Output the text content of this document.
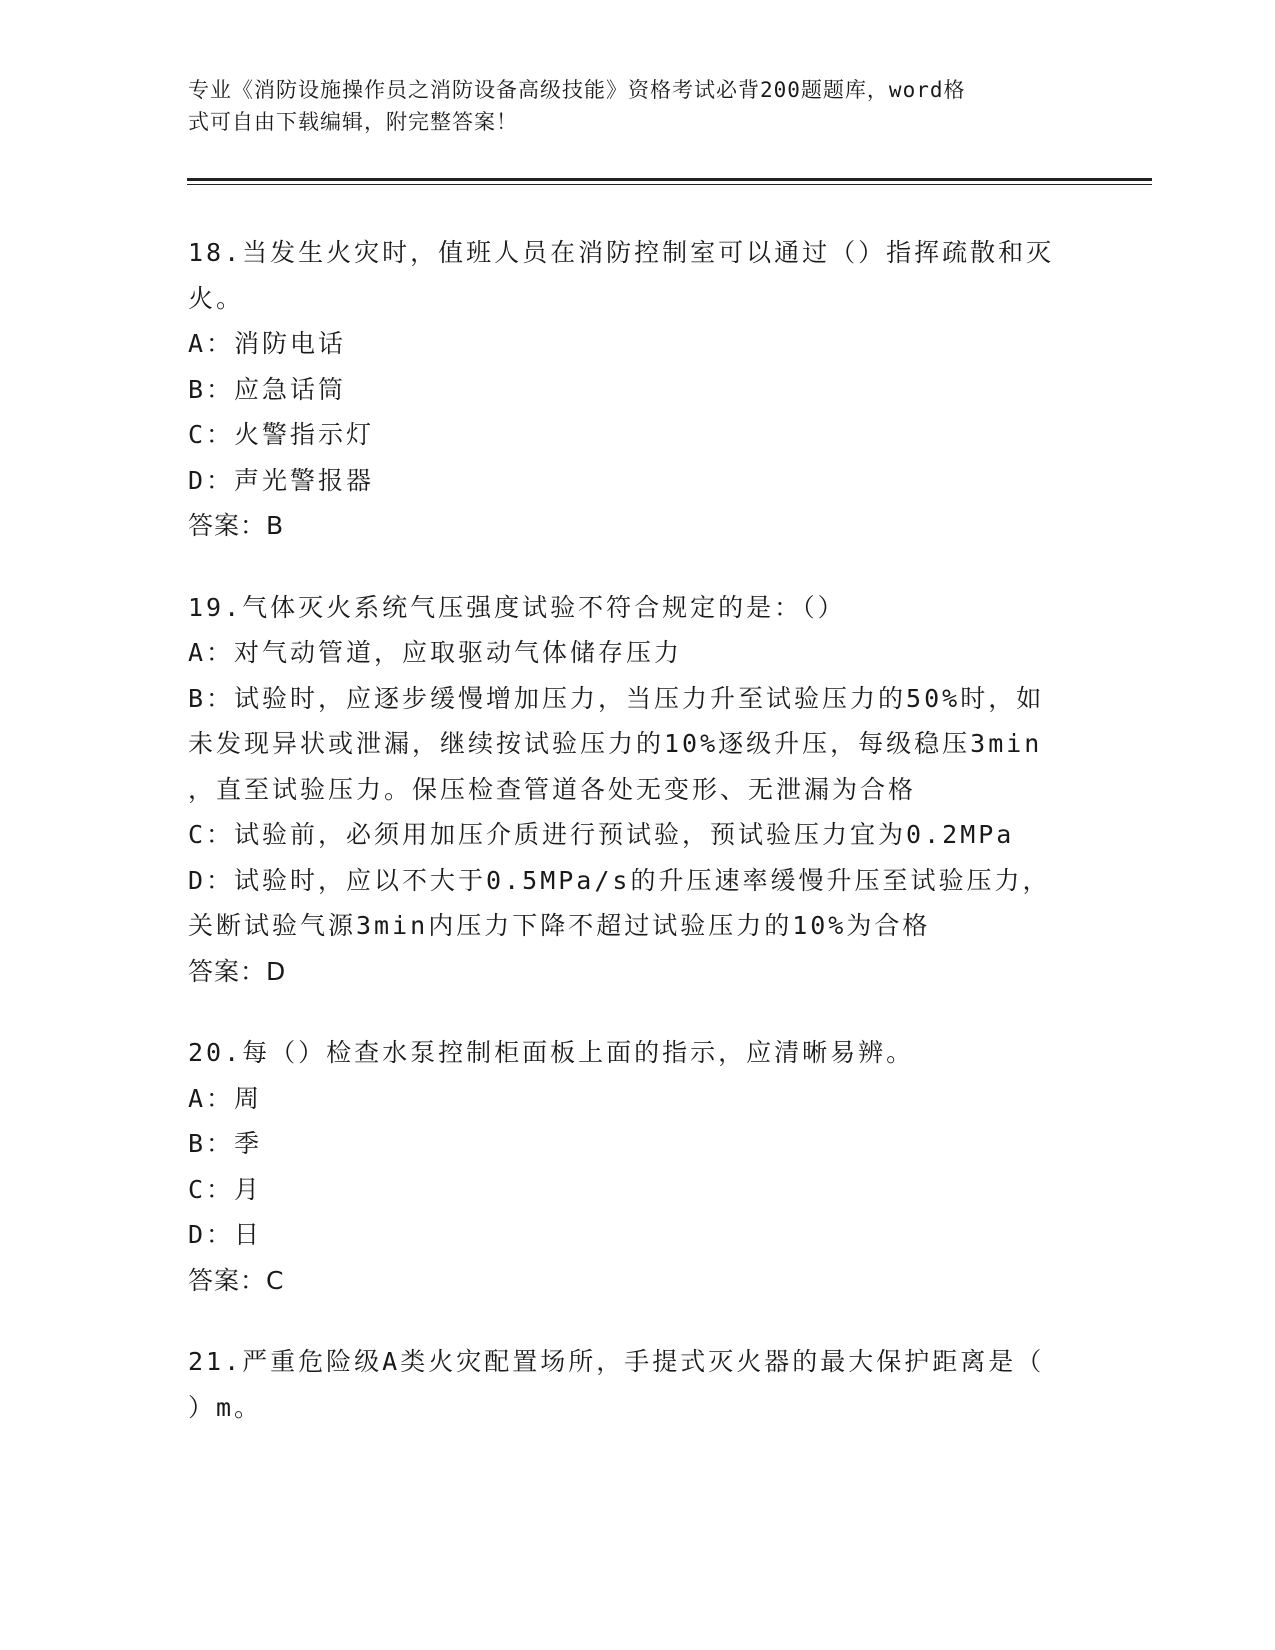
专业《消防设施操作员之消防设备高级技能》资格考试必背200题题库，word格
式可自由下载编辑，附完整答案！
18.当发生火灾时，值班人员在消防控制室可以通过（）指挥疏散和灭
火。
A：消防电话
B：应急话筒
C：火警指示灯
D：声光警报器
答案：B
19.气体灭火系统气压强度试验不符合规定的是：（）
A：对气动管道，应取驱动气体储存压力
B：试验时，应逐步缓慢增加压力，当压力升至试验压力的50%时，如
未发现异状或泄漏，继续按试验压力的10%逐级升压，每级稳压3min
，直至试验压力。保压检查管道各处无变形、无泄漏为合格
C：试验前，必须用加压介质进行预试验，预试验压力宜为0.2MPa
D：试验时，应以不大于0.5MPa/s的升压速率缓慢升压至试验压力，
关断试验气源3min内压力下降不超过试验压力的10%为合格
答案：D
20.每（）检查水泵控制柜面板上面的指示，应清晰易辨。
A：周
B：季
C：月
D：日
答案：C
21.严重危险级A类火灾配置场所，手提式灭火器的最大保护距离是（
）m。
